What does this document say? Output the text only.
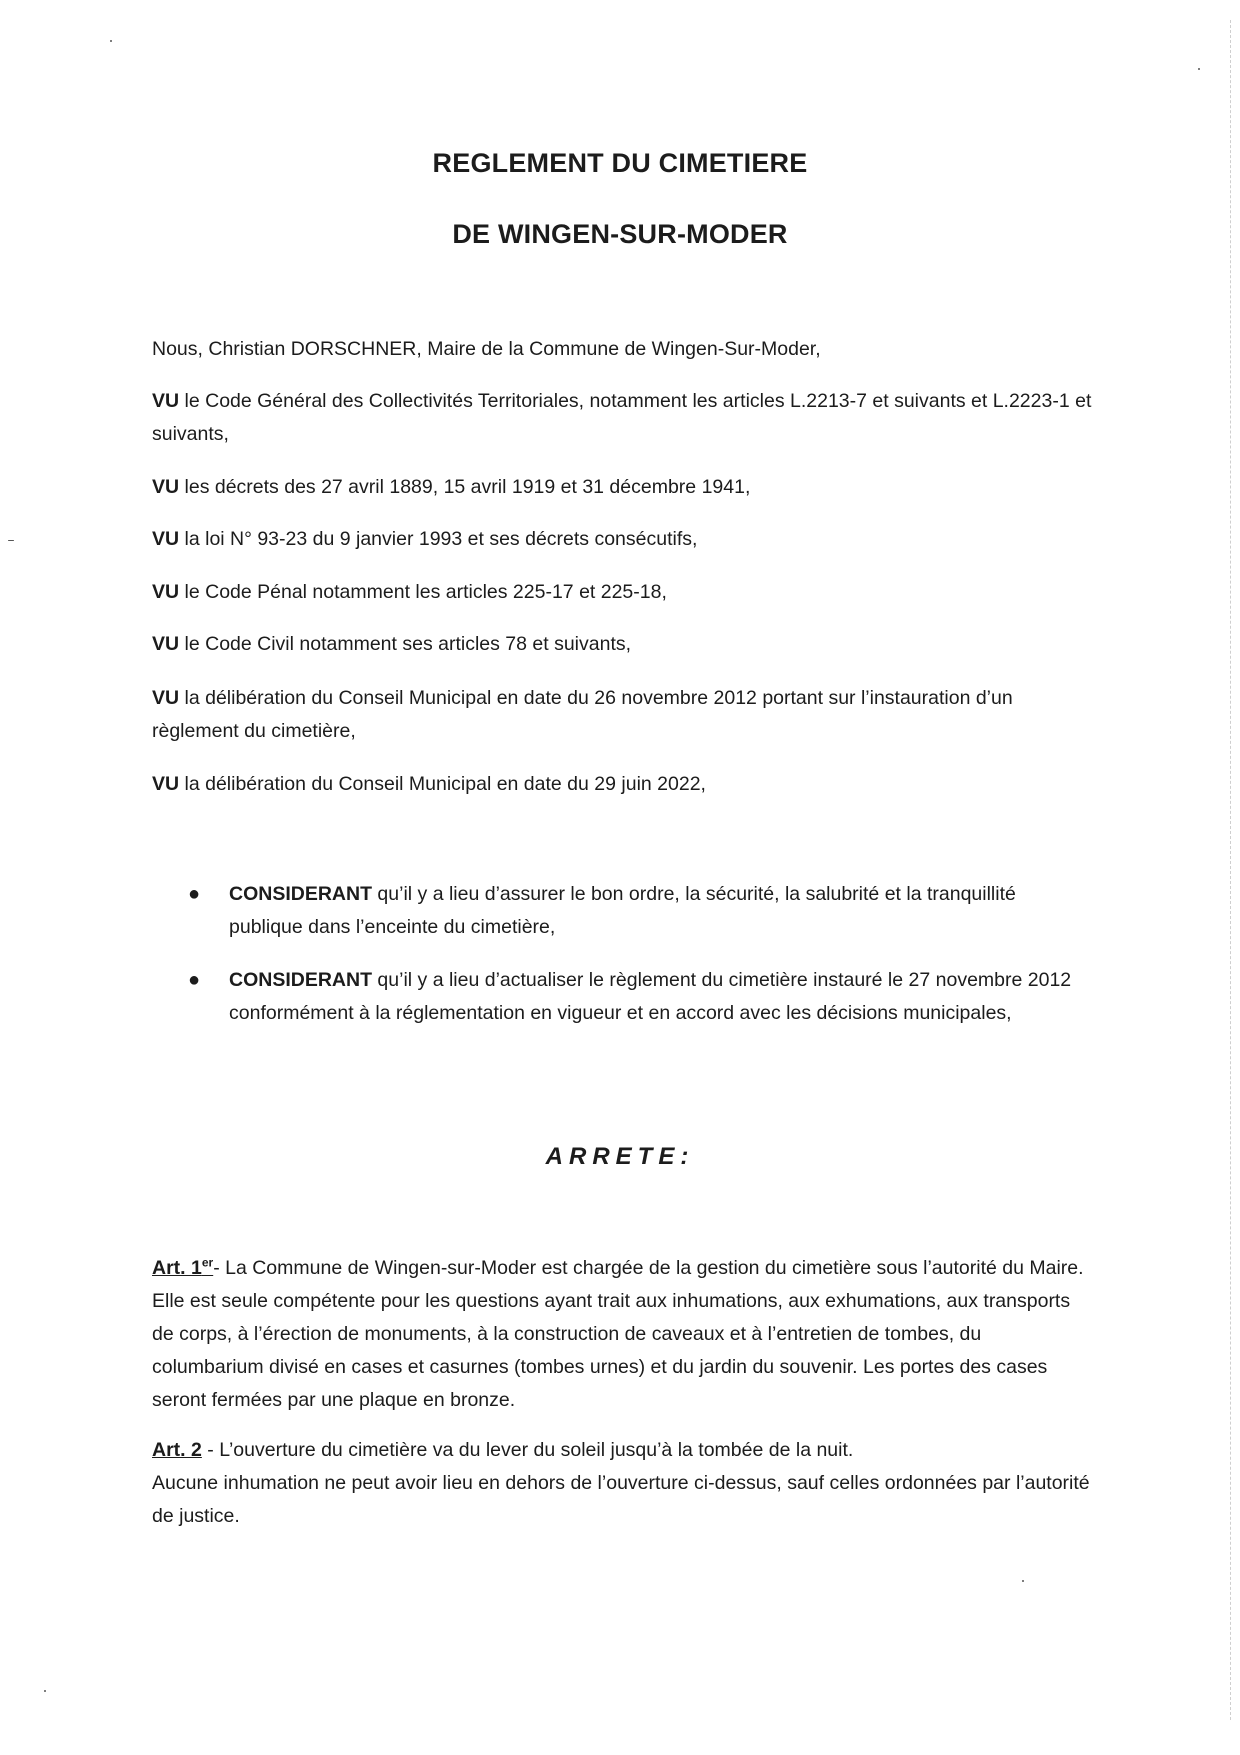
REGLEMENT DU CIMETIERE
DE WINGEN-SUR-MODER

Nous, Christian DORSCHNER, Maire de la Commune de Wingen-Sur-Moder,

VU le Code Général des Collectivités Territoriales, notamment les articles L.2213-7 et suivants et L.2223-1 et suivants,

VU les décrets des 27 avril 1889, 15 avril 1919 et 31 décembre 1941,

VU la loi N° 93-23 du 9 janvier 1993 et ses décrets consécutifs,

VU le Code Pénal notamment les articles 225-17 et 225-18,

VU le Code Civil notamment ses articles 78 et suivants,

VU la délibération du Conseil Municipal en date du 26 novembre 2012 portant sur l’instauration d’un règlement du cimetière,

VU la délibération du Conseil Municipal en date du 29 juin 2022,

● CONSIDERANT qu’il y a lieu d’assurer le bon ordre, la sécurité, la salubrité et la tranquillité publique dans l’enceinte du cimetière,
● CONSIDERANT qu’il y a lieu d’actualiser le règlement du cimetière instauré le 27 novembre 2012 conformément à la réglementation en vigueur et en accord avec les décisions municipales,
ARRETE:

Art. 1er- La Commune de Wingen-sur-Moder est chargée de la gestion du cimetière sous l’autorité du Maire. Elle est seule compétente pour les questions ayant trait aux inhumations, aux exhumations, aux transports de corps, à l’érection de monuments, à la construction de caveaux et à l’entretien de tombes, du columbarium divisé en cases et casurnes (tombes urnes) et du jardin du souvenir. Les portes des cases seront fermées par une plaque en bronze.

Art. 2 - L’ouverture du cimetière va du lever du soleil jusqu’à la tombée de la nuit.
Aucune inhumation ne peut avoir lieu en dehors de l’ouverture ci-dessus, sauf celles ordonnées par l’autorité de justice.
